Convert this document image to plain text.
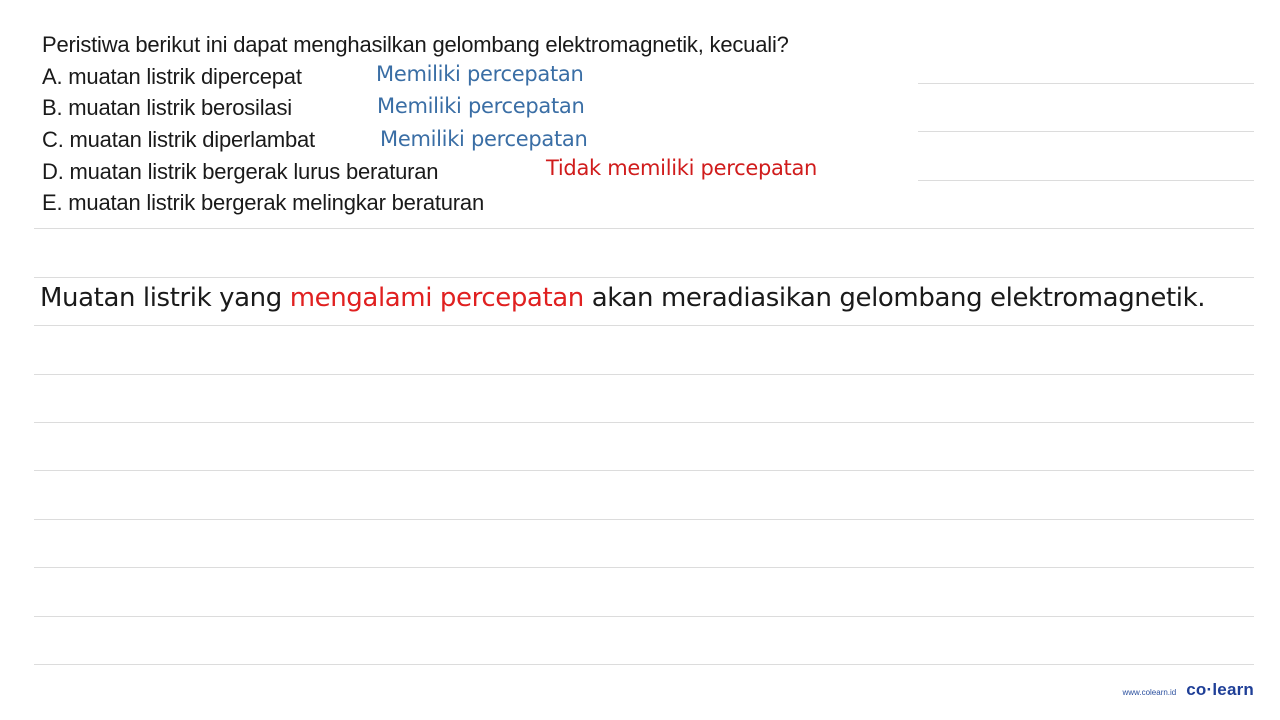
Peristiwa berikut ini dapat menghasilkan gelombang elektromagnetik, kecuali?
A. muatan listrik dipercepat
B. muatan listrik berosilasi
C. muatan listrik diperlambat
D. muatan listrik bergerak lurus beraturan
E. muatan listrik bergerak melingkar beraturan
Memiliki percepatan
Memiliki percepatan
Memiliki percepatan
Tidak memiliki percepatan
Muatan listrik yang mengalami percepatan akan meradiasikan gelombang elektromagnetik.
www.colearn.id co·learn
